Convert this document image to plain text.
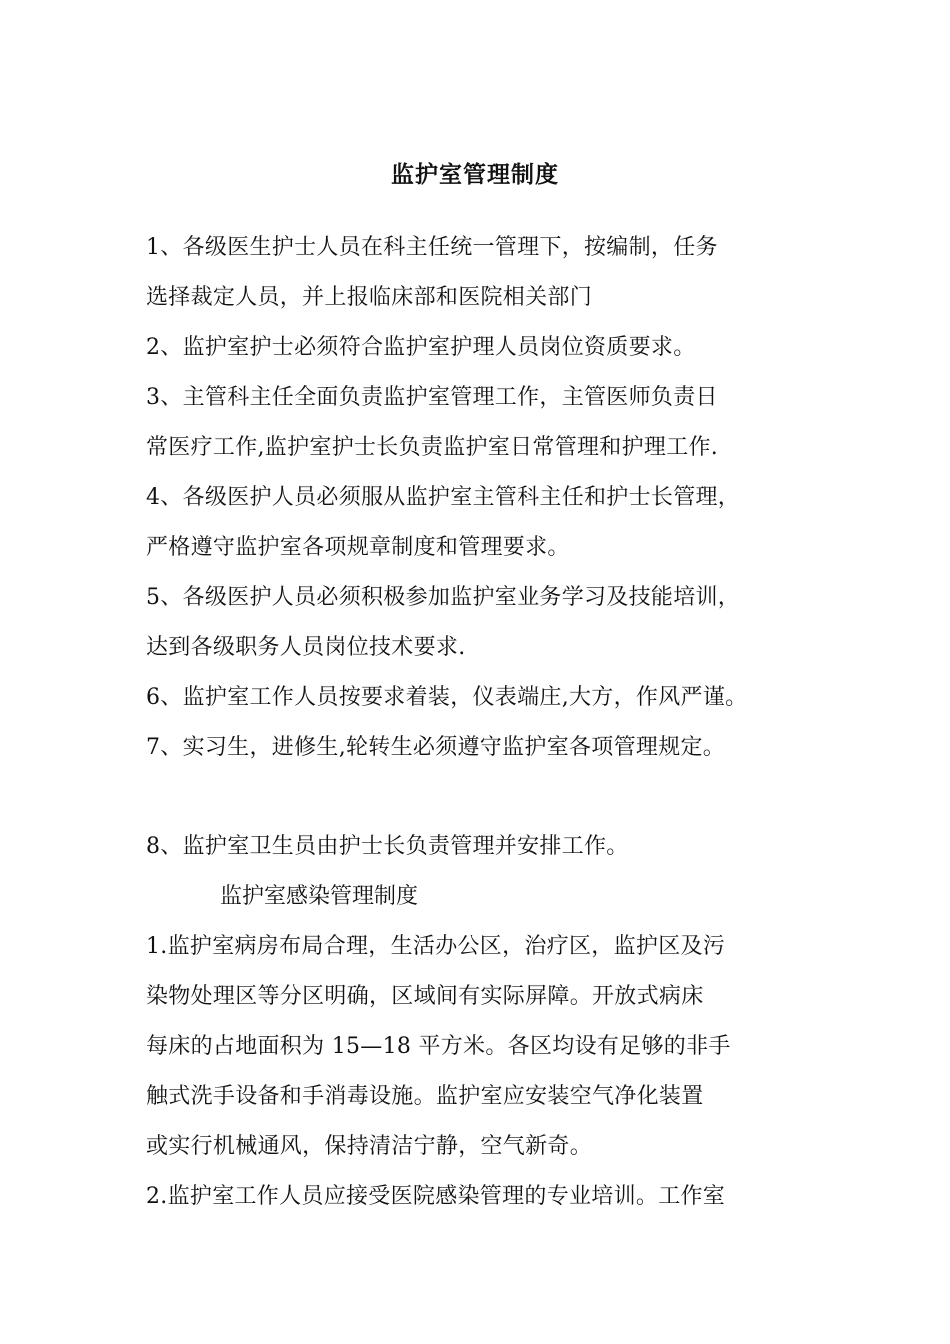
监护室管理制度
1、各级医生护士人员在科主任统一管理下，按编制，任务
选择裁定人员，并上报临床部和医院相关部门
2、监护室护士必须符合监护室护理人员岗位资质要求。
3、主管科主任全面负责监护室管理工作，主管医师负责日
常医疗工作,监护室护士长负责监护室日常管理和护理工作.
4、各级医护人员必须服从监护室主管科主任和护士长管理，
严格遵守监护室各项规章制度和管理要求。
5、各级医护人员必须积极参加监护室业务学习及技能培训，
达到各级职务人员岗位技术要求.
6、监护室工作人员按要求着装，仪表端庄,大方，作风严谨。
7、实习生，进修生,轮转生必须遵守监护室各项管理规定。
8、监护室卫生员由护士长负责管理并安排工作。
监护室感染管理制度
1.监护室病房布局合理，生活办公区，治疗区，监护区及污
染物处理区等分区明确，区域间有实际屏障。开放式病床
每床的占地面积为 15—18 平方米。各区均设有足够的非手
触式洗手设备和手消毒设施。监护室应安装空气净化装置
或实行机械通风，保持清洁宁静，空气新奇。
2.监护室工作人员应接受医院感染管理的专业培训。工作室
